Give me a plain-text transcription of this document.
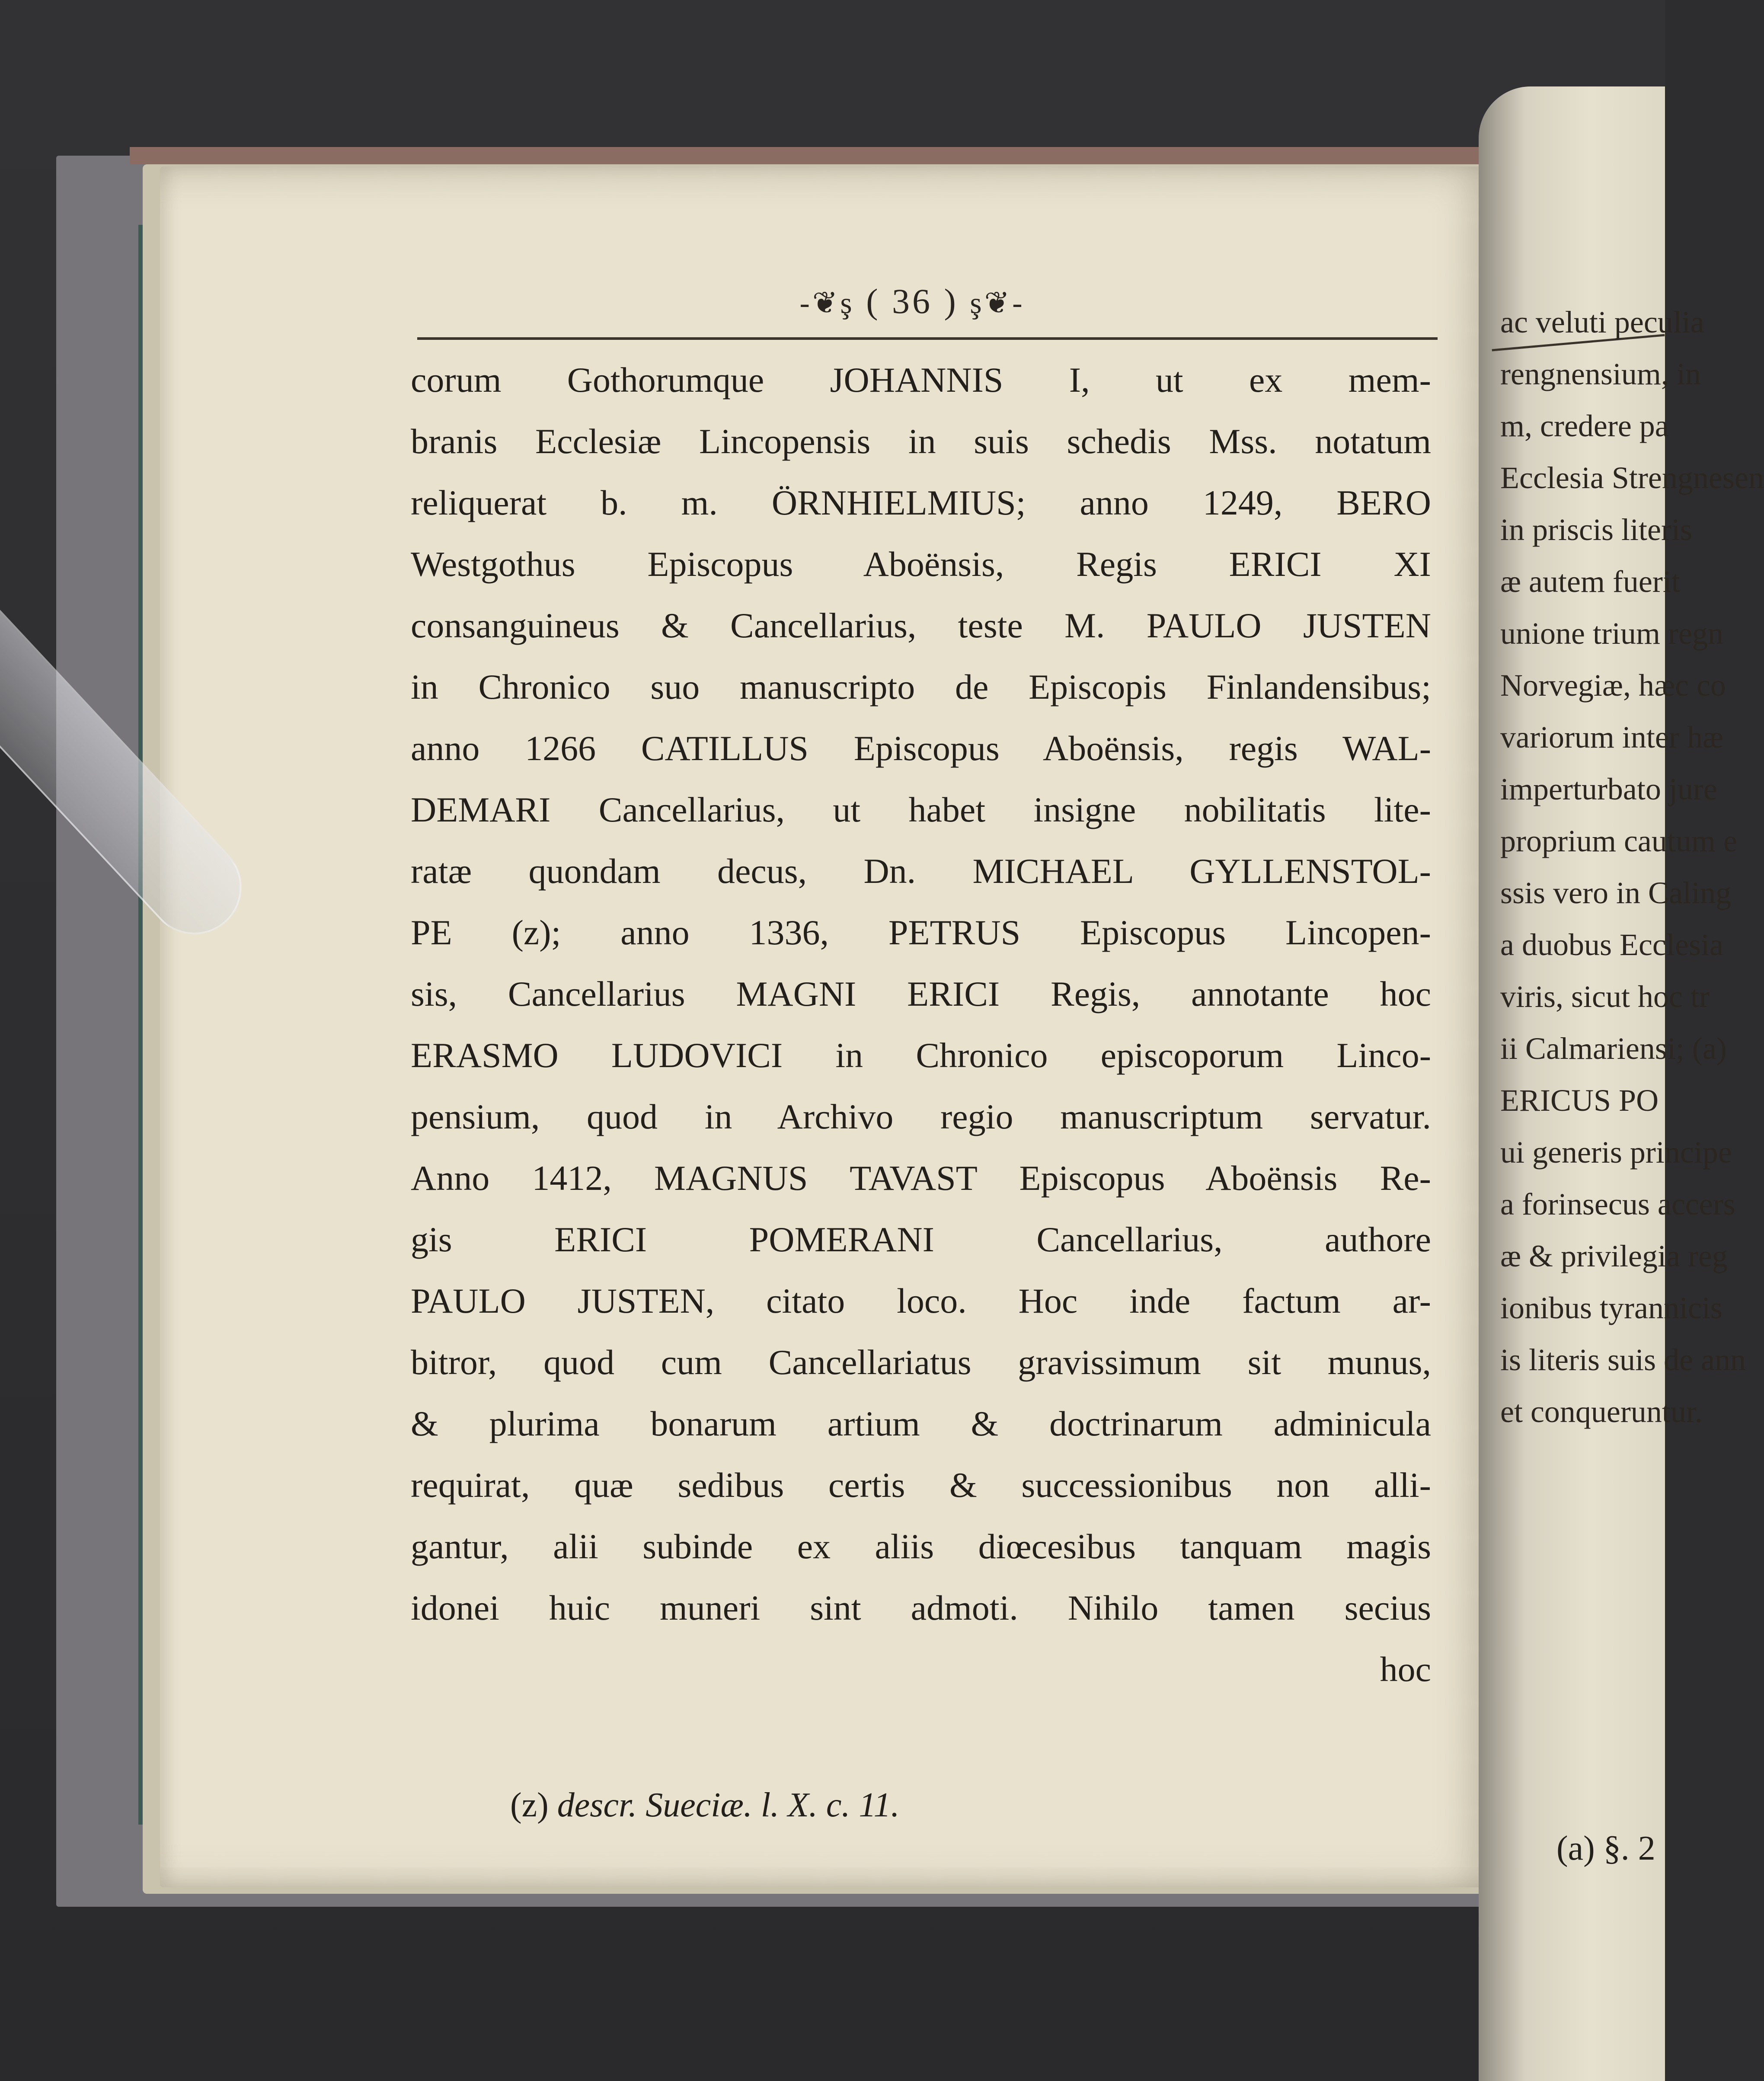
-❦ş ( 36 ) ş❦-
corum Gothorumque JOHANNIS I, ut ex mem-
branis Ecclesiæ Lincopensis in suis schedis Mss. notatum
reliquerat b. m. ÖRNHIELMIUS; anno 1249, BERO
Westgothus Episcopus Aboënsis, Regis ERICI XI
consanguineus & Cancellarius, teste M. PAULO JUSTEN
in Chronico suo manuscripto de Episcopis Finlandensibus;
anno 1266 CATILLUS Episcopus Aboënsis, regis WAL-
DEMARI Cancellarius, ut habet insigne nobilitatis lite-
ratæ quondam decus, Dn. MICHAEL GYLLENSTOL-
PE (z); anno 1336, PETRUS Episcopus Lincopen-
sis, Cancellarius MAGNI ERICI Regis, annotante hoc
ERASMO LUDOVICI in Chronico episcoporum Linco-
pensium, quod in Archivo regio manuscriptum servatur.
Anno 1412, MAGNUS TAVAST Episcopus Aboënsis Re-
gis ERICI POMERANI Cancellarius, authore
PAULO JUSTEN, citato loco. Hoc inde factum ar-
bitror, quod cum Cancellariatus gravissimum sit munus,
& plurima bonarum artium & doctrinarum adminicula
requirat, quæ sedibus certis & successionibus non alli-
gantur, alii subinde ex aliis diœcesibus tanquam magis
idonei huic muneri sint admoti. Nihilo tamen secius
hoc
(z) descr. Sueciæ. l. X. c. 11.
ac veluti peculia
rengnensium, in
m, credere pa
Ecclesia Strengnesen
in priscis literis
æ autem fuerit
unione trium regn
Norvegiæ, hæc co
variorum inter hæ
imperturbato jure
proprium cautum e
ssis vero in Caling
a duobus Ecclesia
viris, sicut hoc tr
ii Calmariensi; (a)
ERICUS PO
ui generis principe
a forinsecus accers
æ & privilegia reg
ionibus tyrannicis
is literis suis de ann
et conqueruntur.
(a) §. 2
